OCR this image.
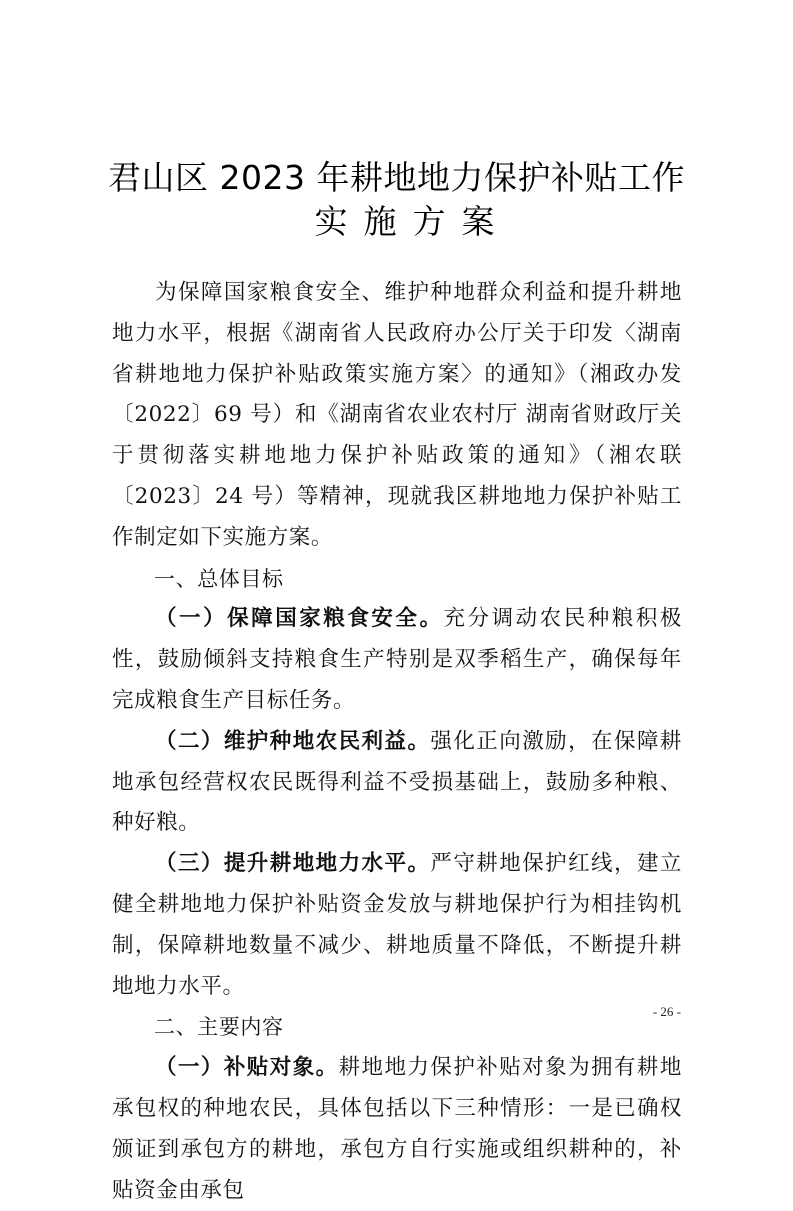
君山区 2023 年耕地地力保护补贴工作
实施方案

为保障国家粮食安全、维护种地群众利益和提升耕地地力水平，根据《湖南省人民政府办公厅关于印发〈湖南省耕地地力保护补贴政策实施方案〉的通知》（湘政办发〔2022〕69 号）和《湖南省农业农村厅 湖南省财政厅关于贯彻落实耕地地力保护补贴政策的通知》（湘农联〔2023〕24 号）等精神，现就我区耕地地力保护补贴工作制定如下实施方案。

一、总体目标

（一）保障国家粮食安全。充分调动农民种粮积极性，鼓励倾斜支持粮食生产特别是双季稻生产，确保每年完成粮食生产目标任务。

（二）维护种地农民利益。强化正向激励，在保障耕地承包经营权农民既得利益不受损基础上，鼓励多种粮、种好粮。

（三）提升耕地地力水平。严守耕地保护红线，建立健全耕地地力保护补贴资金发放与耕地保护行为相挂钩机制，保障耕地数量不减少、耕地质量不降低，不断提升耕地地力水平。

二、主要内容

（一）补贴对象。耕地地力保护补贴对象为拥有耕地承包权的种地农民，具体包括以下三种情形：一是已确权颁证到承包方的耕地，承包方自行实施或组织耕种的，补贴资金由承包

- 26 -
